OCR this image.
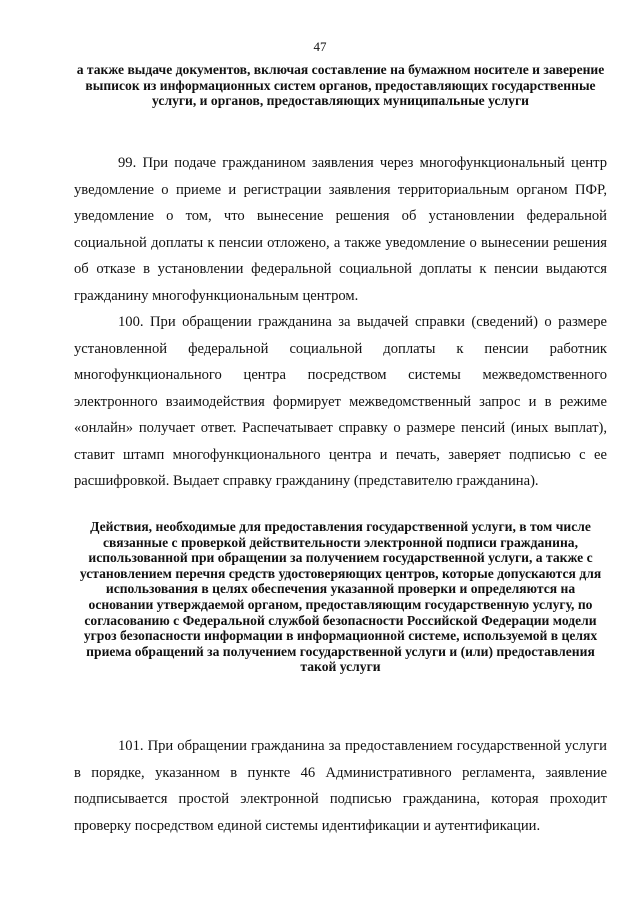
47

а также выдаче документов, включая составление на бумажном носителе и заверение выписок из информационных систем органов, предоставляющих государственные услуги, и органов, предоставляющих муниципальные услуги

99. При подаче гражданином заявления через многофункциональный центр уведомление о приеме и регистрации заявления территориальным органом ПФР, уведомление о том, что вынесение решения об установлении федеральной социальной доплаты к пенсии отложено, а также уведомление о вынесении решения об отказе в установлении федеральной социальной доплаты к пенсии выдаются гражданину многофункциональным центром.

100. При обращении гражданина за выдачей справки (сведений) о размере установленной федеральной социальной доплаты к пенсии работник многофункционального центра посредством системы межведомственного электронного взаимодействия формирует межведомственный запрос и в режиме «онлайн» получает ответ. Распечатывает справку о размере пенсий (иных выплат), ставит штамп многофункционального центра и печать, заверяет подписью с ее расшифровкой. Выдает справку гражданину (представителю гражданина).

Действия, необходимые для предоставления государственной услуги, в том числе связанные с проверкой действительности электронной подписи гражданина, использованной при обращении за получением государственной услуги, а также с установлением перечня средств удостоверяющих центров, которые допускаются для использования в целях обеспечения указанной проверки и определяются на основании утверждаемой органом, предоставляющим государственную услугу, по согласованию с Федеральной службой безопасности Российской Федерации модели угроз безопасности информации в информационной системе, используемой в целях приема обращений за получением государственной услуги и (или) предоставления такой услуги

101. При обращении гражданина за предоставлением государственной услуги в порядке, указанном в пункте 46 Административного регламента, заявление подписывается простой электронной подписью гражданина, которая проходит проверку посредством единой системы идентификации и аутентификации.
